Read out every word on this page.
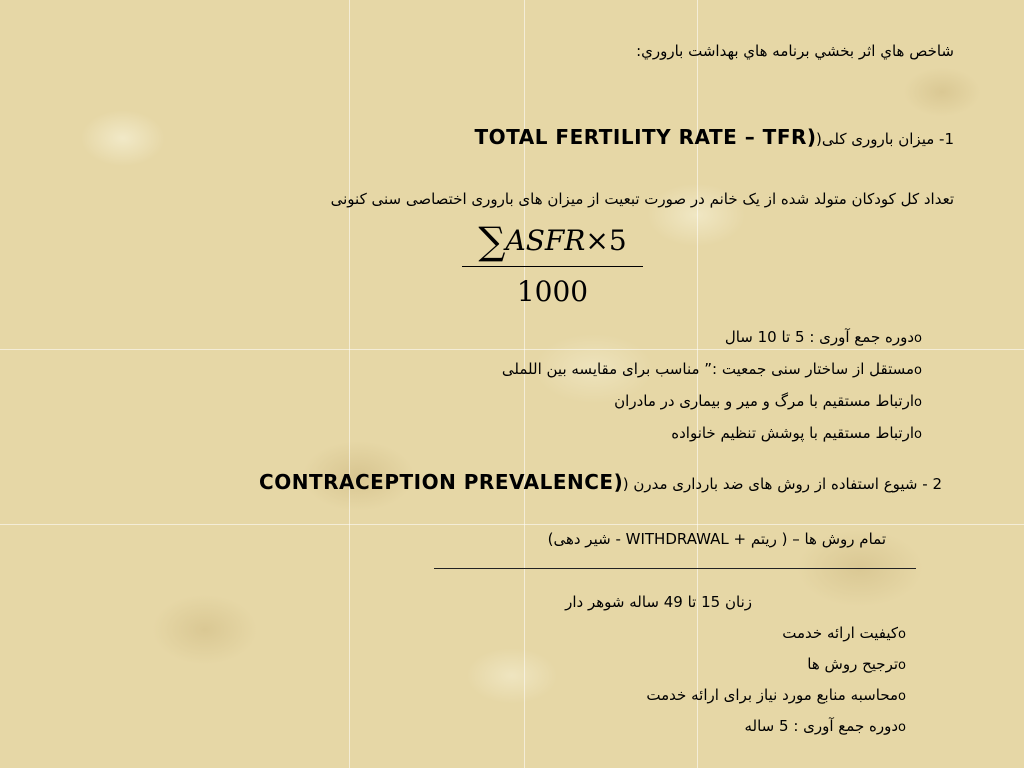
شاخص هاي اثر بخشي برنامه هاي بهداشت باروري:
1- میزان باروری کلی(TOTAL FERTILITY RATE – TFR)
تعداد کل کودکان متولد شده از یک خانم در صورت تبعیت از میزان های باروری اختصاصی سنی کنونی
∑ASFR×5
1000
oدوره جمع آوری : 5 تا 10 سال
oمستقل از ساختار سنی جمعیت :” مناسب برای مقایسه بین اللملی
oارتباط مستقیم با مرگ و میر و بیماری در مادران
oارتباط مستقیم با پوشش تنظیم خانواده
2 - شیوع استفاده از روش های ضد بارداری مدرن (CONTRACEPTION PREVALENCE)
تمام روش ها – ( ریتم + WITHDRAWAL - شیر دهی)
زنان 15 تا 49 ساله شوهر دار
oکیفیت ارائه خدمت
oترجیح روش ها
oمحاسبه منابع مورد نیاز برای ارائه خدمت
oدوره جمع آوری : 5 ساله
